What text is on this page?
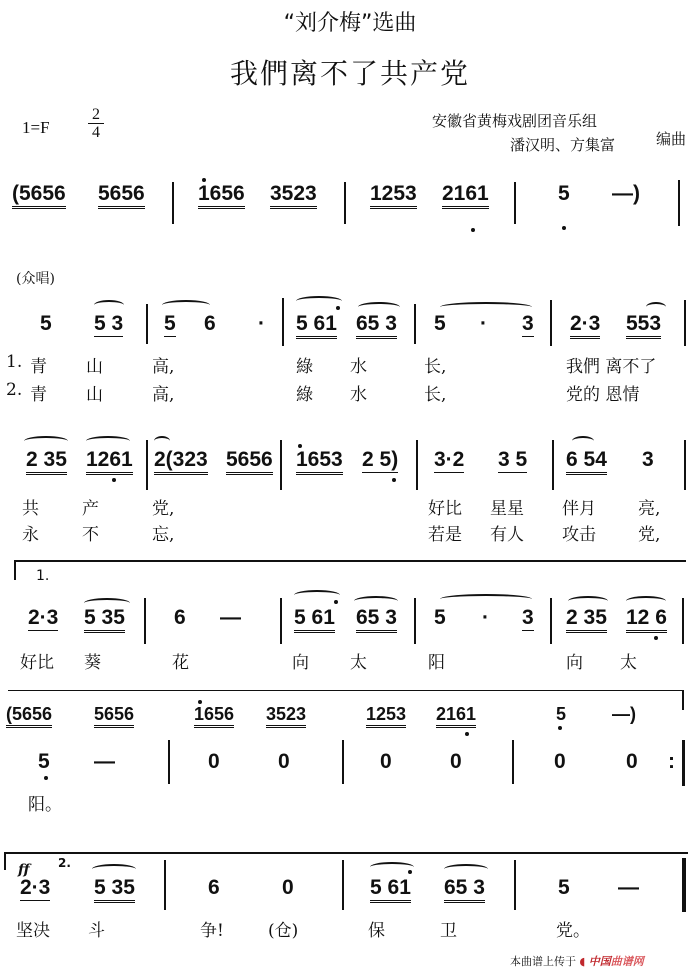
“刘介梅”选曲
我們离不了共产党
1=F
2
4
安徽省黄梅戏剧团音乐组
潘汉明、方集富	编曲
(5656 5656	1656 3523	1253 2161	5 —)
(众唱)
5 5 3 5 6 · 5 61 65 3 5 · 3 2·3 553
1. 青 山	高,	綠 水	长,	我們 离不了
2. 青 山	高,	綠 水	长,	党的 恩情
2 35 1261 2(323 5656 1653 2 5) 3·2 3 5 6 54 3
共	产	党,	好比 星星 伴月 亮,
永	不	忘,	若是 有人 攻击 党,
1.
2·3 5 35 6 —	5 61 65 3 5 · 3 2 35 12 6
好比 葵	花	向 太	阳	向 太
(5656 5656	1656 3523	1253 2161	5	—)
5 —	0	0	0	0	0	0 :
阳。
ff 2.
2·3 5 35	6	0	5 61 65 3	5 —
坚决 斗	争!	(仓)	保	卫	党。
本曲谱上传于 ◖ 中国曲谱网
